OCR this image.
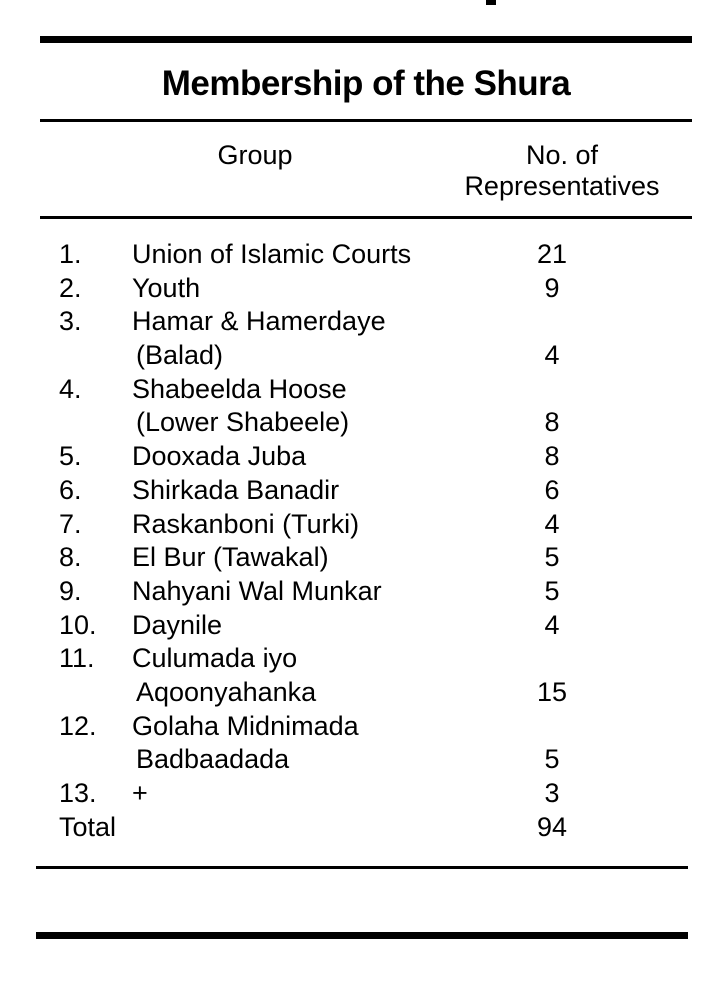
Membership of the Shura
Group	No. of
Representatives
1. Union of Islamic Courts	21
2. Youth	9
3. Hamar & Hamerdaye
(Balad)	4
4. Shabeelda Hoose
(Lower Shabeele)	8
5. Dooxada Juba	8
6. Shirkada Banadir	6
7. Raskanboni (Turki)	4
8. El Bur (Tawakal)	5
9. Nahyani Wal Munkar	5
10. Daynile	4
11. Culumada iyo
Aqoonyahanka	15
12. Golaha Midnimada
Badbaadada	5
13. +	3
Total	94
